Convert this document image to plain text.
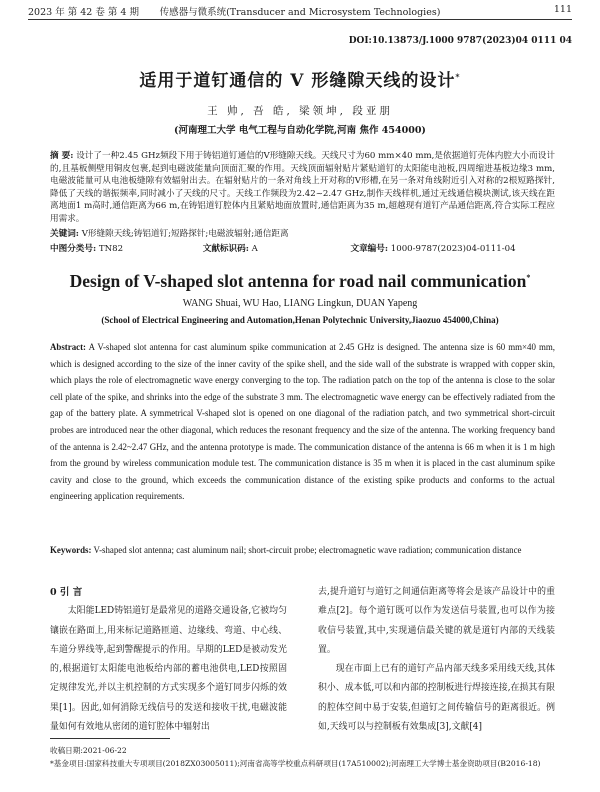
2023 年 第 42 卷 第 4 期	传感器与微系统(Transducer and Microsystem Technologies)	111
DOI:10.13873/J.1000 9787(2023)04 0111 04
适用于道钉通信的 V 形缝隙天线的设计*
王 帅, 吾 皓, 梁领坤, 段亚朋
(河南理工大学 电气工程与自动化学院,河南 焦作 454000)
摘 要: 设计了一种2.45 GHz频段下用于铸铝道钉通信的V形缝隙天线。天线尺寸为60 mm×40 mm,是依据道钉壳体内腔大小而设计的,且基板侧壁用铜皮包裹,起到电磁波能量向顶面汇聚的作用。天线顶面辐射贴片紧贴道钉的太阳能电池板,四周缩进基板边缘3 mm,电磁波能量可从电池板缝隙有效辐射出去。在辐射贴片的一条对角线上开对称的V形槽,在另一条对角线附近引入对称的2根短路探针,降低了天线的谐振频率,同时减小了天线的尺寸。天线工作频段为2.42~2.47 GHz,制作天线样机,通过无线通信模块测试,该天线在距离地面1 m高时,通信距离为66 m,在铸铝道钉腔体内且紧贴地面放置时,通信距离为35 m,超越现有道钉产品通信距离,符合实际工程应用需求。
关键词: V形缝隙天线;铸铝道钉;短路探针;电磁波辐射;通信距离
中图分类号: TN82	文献标识码: A	文章编号: 1000-9787(2023)04-0111-04
Design of V-shaped slot antenna for road nail communication*
WANG Shuai, WU Hao, LIANG Lingkun, DUAN Yapeng
(School of Electrical Engineering and Automation,Henan Polytechnic University,Jiaozuo 454000,China)
Abstract: A V-shaped slot antenna for cast aluminum spike communication at 2.45 GHz is designed. The antenna size is 60 mm×40 mm, which is designed according to the size of the inner cavity of the spike shell, and the side wall of the substrate is wrapped with copper skin, which plays the role of electromagnetic wave energy converging to the top. The radiation patch on the top of the antenna is close to the solar cell plate of the spike, and shrinks into the edge of the substrate 3 mm. The electromagnetic wave energy can be effectively radiated from the gap of the battery plate. A symmetrical V-shaped slot is opened on one diagonal of the radiation patch, and two symmetrical short-circuit probes are introduced near the other diagonal, which reduces the resonant frequency and the size of the antenna. The working frequency band of the antenna is 2.42~2.47 GHz, and the antenna prototype is made. The communication distance of the antenna is 66 m when it is 1 m high from the ground by wireless communication module test. The communication distance is 35 m when it is placed in the cast aluminum spike cavity and close to the ground, which exceeds the communication distance of the existing spike products and conforms to the actual engineering application requirements.
Keywords: V-shaped slot antenna; cast aluminum nail; short-circuit probe; electromagnetic wave radiation; communication distance
0 引 言

太阳能LED铸铝道钉是最常见的道路交通设备,它被均匀镶嵌在路面上,用来标记道路匝道、边缘线、弯道、中心线、车道分界线等,起到警醒提示的作用。早期的LED是被动发光的,根据道钉太阳能电池板给内部的蓄电池供电,LED按照固定规律发光,并以主机控制的方式实现多个道钉同步闪烁的效果[1]。因此,如何消除无线信号的发送和接收干扰,电磁波能量如何有效地从密闭的道钉腔体中辐射出

去,提升道钉与道钉之间通信距离等将会是该产品设计中的重难点[2]。每个道钉既可以作为发送信号装置,也可以作为接收信号装置,其中,实现通信最关键的就是道钉内部的天线装置。

现在市面上已有的道钉产品内部天线多采用线天线,其体积小、成本低,可以和内部的控制板进行焊接连接,在损其有限的腔体空间中易于安装,但道钉之间传输信号的距离很近。例如,天线可以与控制板有效集成[3],文献[4]

收稿日期:2021-06-22
*基金项目:国家科技重大专项项目(2018ZX03005011);河南省高等学校重点科研项目(17A510002);河南理工大学博士基金资助项目(B2016-18)
